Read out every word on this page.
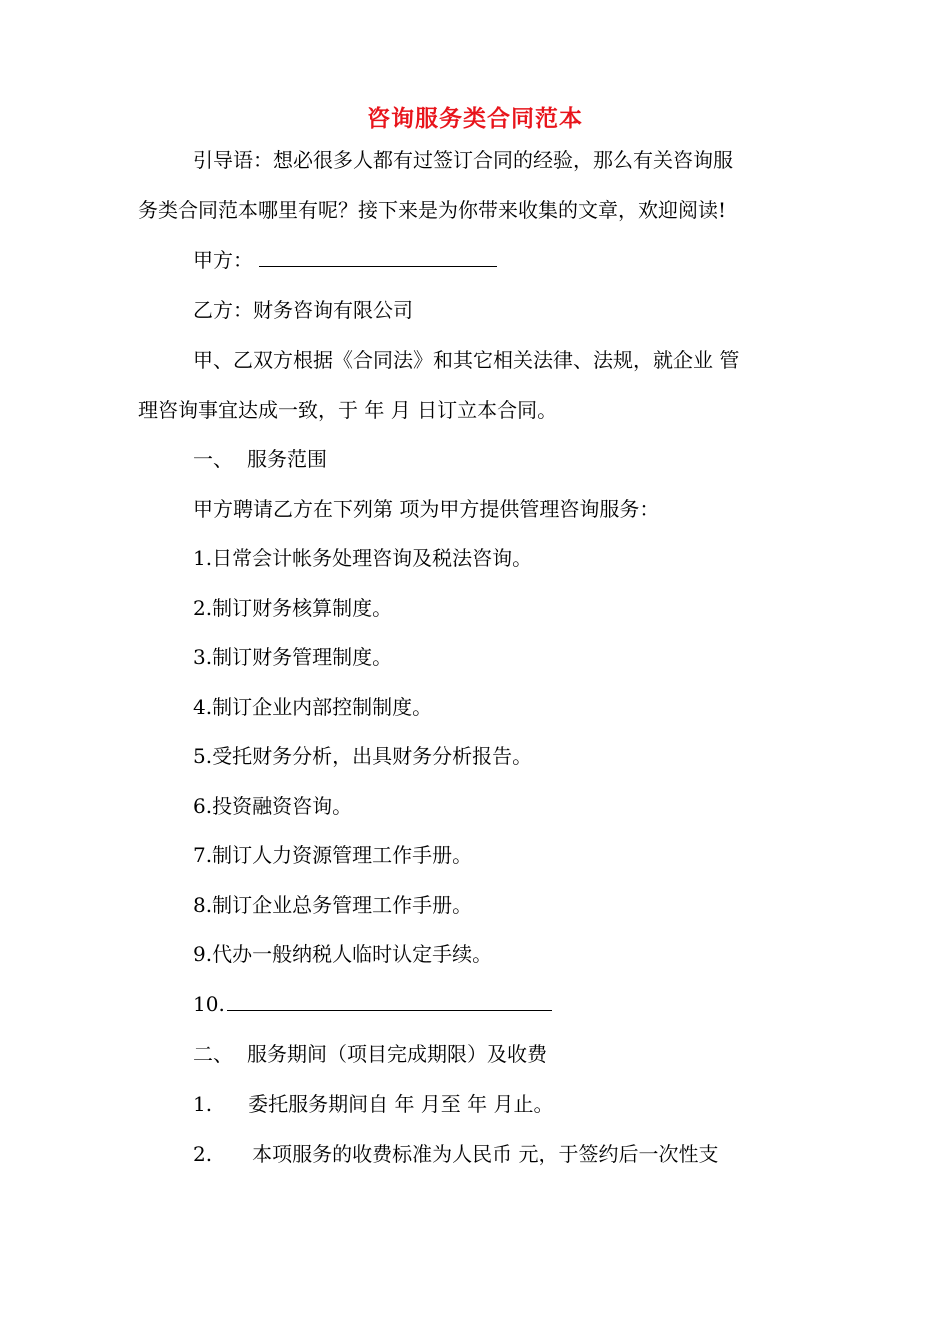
咨询服务类合同范本
引导语：想必很多人都有过签订合同的经验，那么有关咨询服
务类合同范本哪里有呢？接下来是为你带来收集的文章，欢迎阅读!
甲方：
乙方：财务咨询有限公司
甲、乙双方根据《合同法》和其它相关法律、法规，就企业 管
理咨询事宜达成一致，于 年 月 日订立本合同。
一、 服务范围
甲方聘请乙方在下列第 项为甲方提供管理咨询服务：
1.日常会计帐务处理咨询及税法咨询。
2.制订财务核算制度。
3.制订财务管理制度。
4.制订企业内部控制制度。
5.受托财务分析，出具财务分析报告。
6.投资融资咨询。
7.制订人力资源管理工作手册。
8.制订企业总务管理工作手册。
9.代办一般纳税人临时认定手续。
10.
二、 服务期间（项目完成期限）及收费
1. 委托服务期间自 年 月至 年 月止。
2. 本项服务的收费标准为人民币 元，于签约后一次性支
